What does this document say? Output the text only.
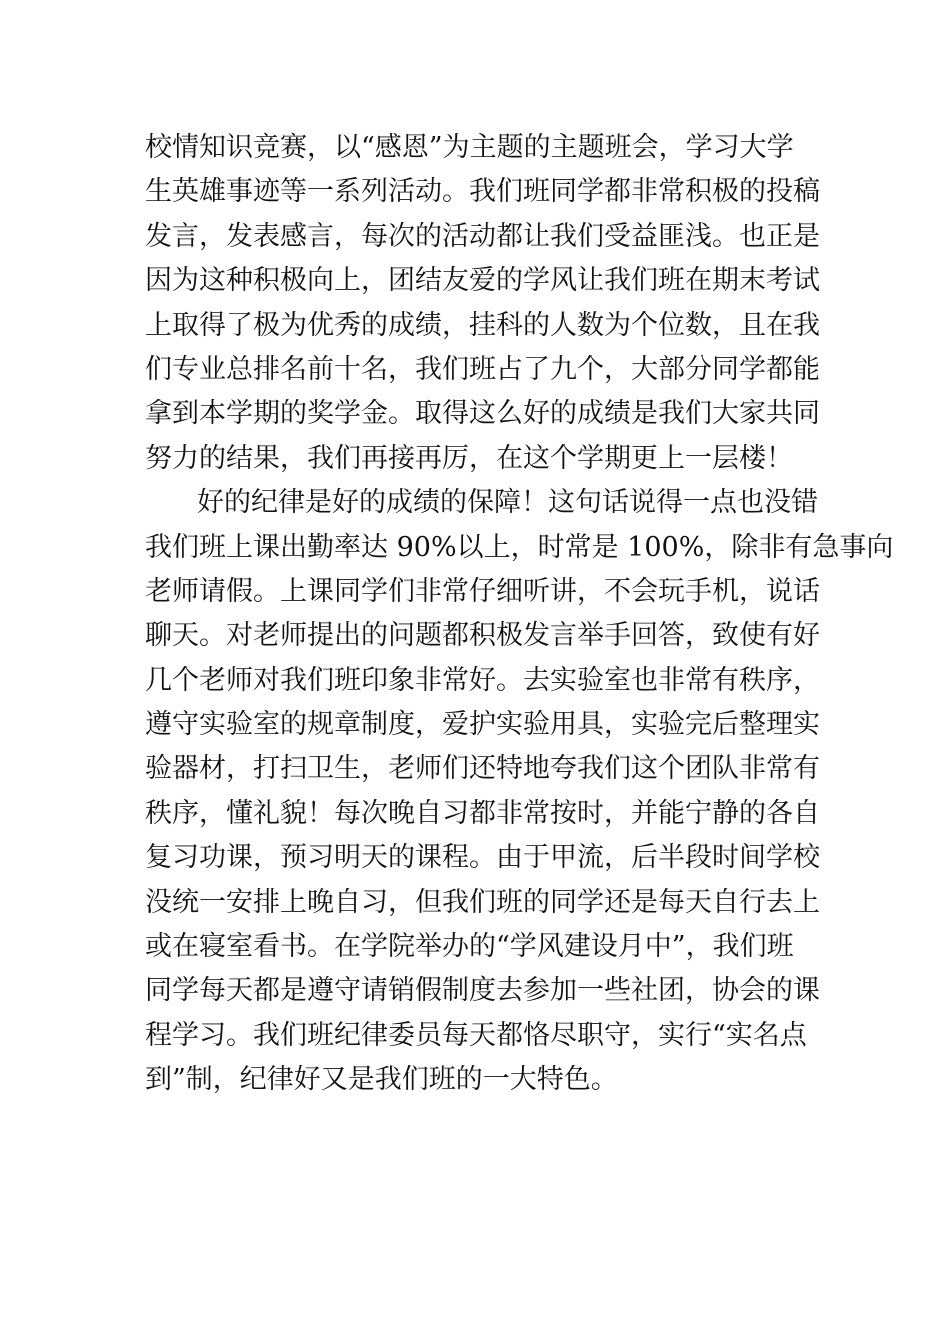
校情知识竞赛，以“感恩”为主题的主题班会，学习大学
生英雄事迹等一系列活动。我们班同学都非常积极的投稿
发言，发表感言，每次的活动都让我们受益匪浅。也正是
因为这种积极向上，团结友爱的学风让我们班在期末考试
上取得了极为优秀的成绩，挂科的人数为个位数，且在我
们专业总排名前十名，我们班占了九个，大部分同学都能
拿到本学期的奖学金。取得这么好的成绩是我们大家共同
努力的结果，我们再接再厉，在这个学期更上一层楼！
好的纪律是好的成绩的保障！这句话说得一点也没错
我们班上课出勤率达 90%以上，时常是 100%，除非有急事向
老师请假。上课同学们非常仔细听讲，不会玩手机，说话
聊天。对老师提出的问题都积极发言举手回答，致使有好
几个老师对我们班印象非常好。去实验室也非常有秩序，
遵守实验室的规章制度，爱护实验用具，实验完后整理实
验器材，打扫卫生，老师们还特地夸我们这个团队非常有
秩序，懂礼貌！每次晚自习都非常按时，并能宁静的各自
复习功课，预习明天的课程。由于甲流，后半段时间学校
没统一安排上晚自习，但我们班的同学还是每天自行去上
或在寝室看书。在学院举办的“学风建设月中”，我们班
同学每天都是遵守请销假制度去参加一些社团，协会的课
程学习。我们班纪律委员每天都恪尽职守，实行“实名点
到”制，纪律好又是我们班的一大特色。
